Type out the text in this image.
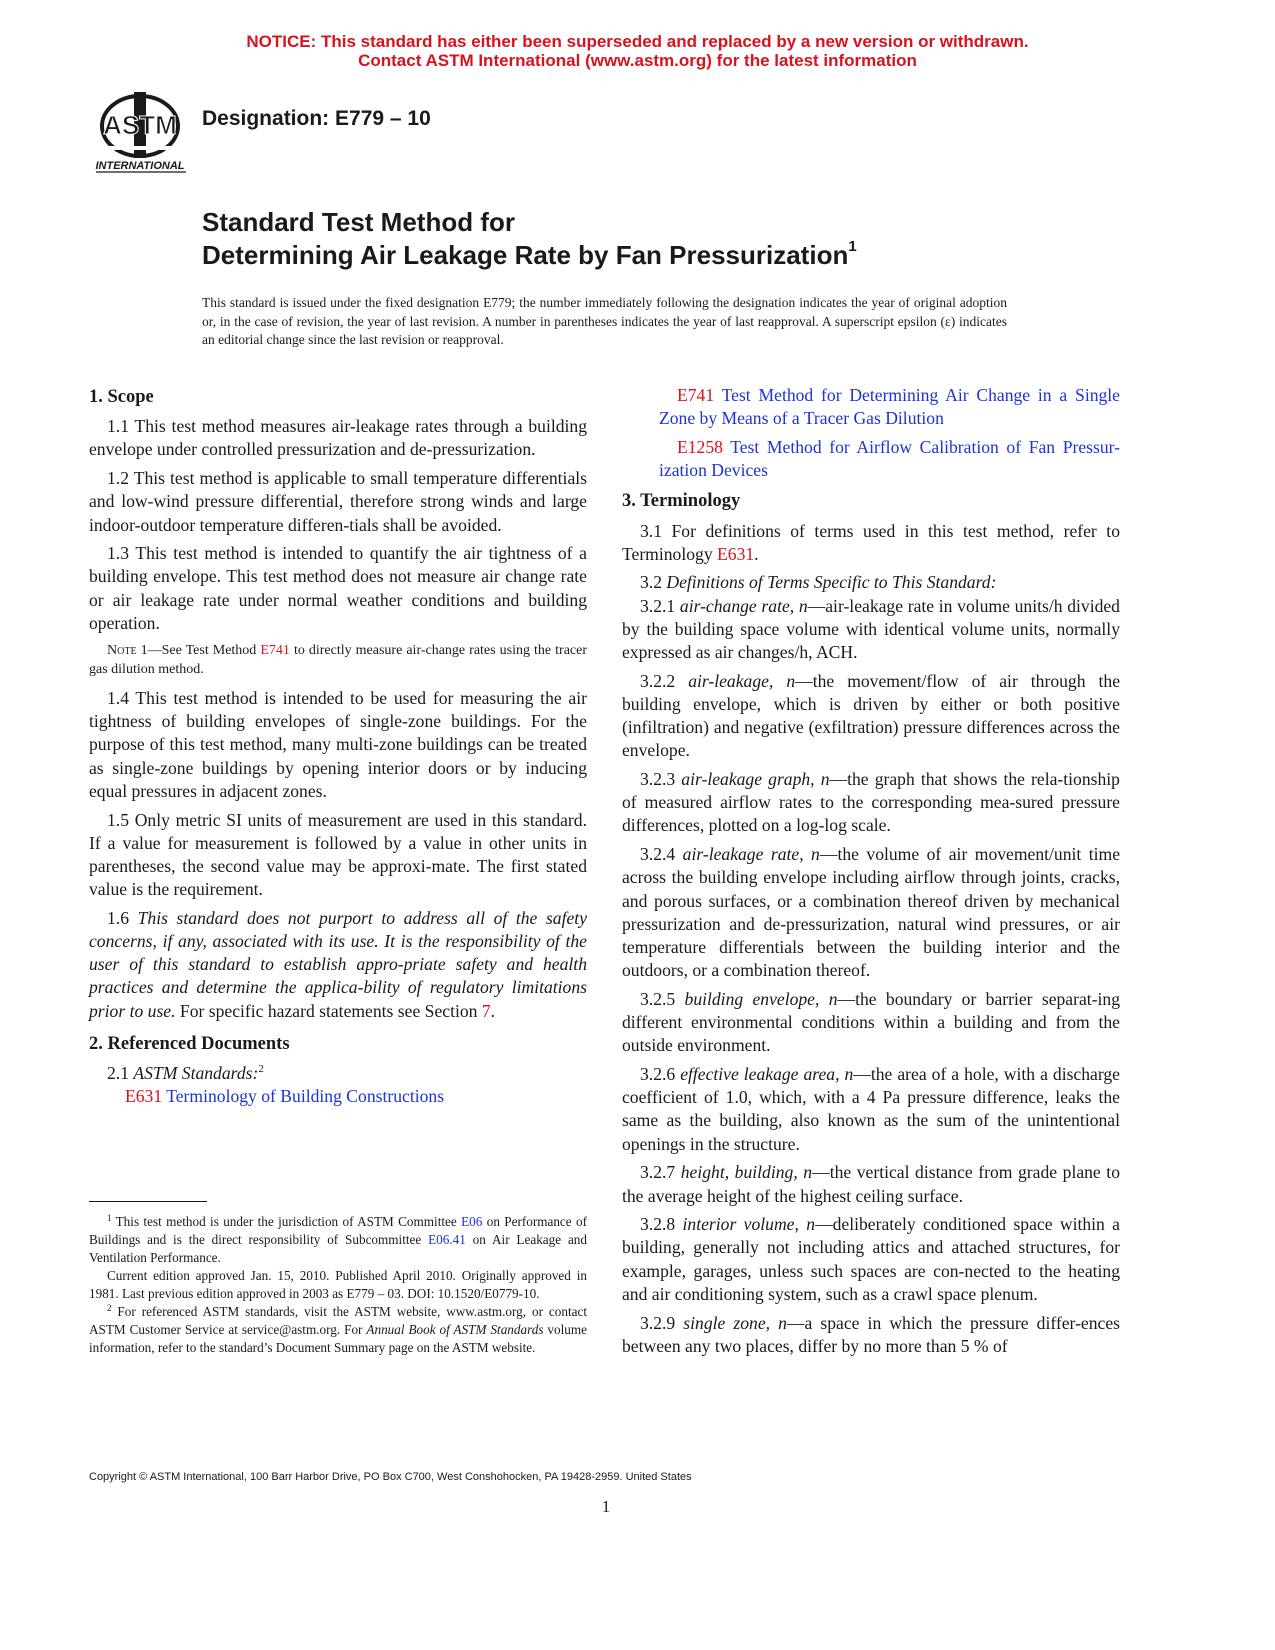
NOTICE: This standard has either been superseded and replaced by a new version or withdrawn.
Contact ASTM International (www.astm.org) for the latest information
ASTM
INTERNATIONAL
Designation: E779 – 10
Standard Test Method for
Determining Air Leakage Rate by Fan Pressurization$^1$
This standard is issued under the fixed designation E779; the number immediately following the designation indicates the year of original adoption or, in the case of revision, the year of last revision. A number in parentheses indicates the year of last reapproval. A superscript epsilon (ε) indicates an editorial change since the last revision or reapproval.
1. Scope

1.1 This test method measures air-leakage rates through a building envelope under controlled pressurization and de-pressurization.

1.2 This test method is applicable to small temperature differentials and low-wind pressure differential, therefore strong winds and large indoor-outdoor temperature differen-tials shall be avoided.

1.3 This test method is intended to quantify the air tightness of a building envelope. This test method does not measure air change rate or air leakage rate under normal weather conditions and building operation.

Note 1—See Test Method E741 to directly measure air-change rates using the tracer gas dilution method.

1.4 This test method is intended to be used for measuring the air tightness of building envelopes of single-zone buildings. For the purpose of this test method, many multi-zone buildings can be treated as single-zone buildings by opening interior doors or by inducing equal pressures in adjacent zones.

1.5 Only metric SI units of measurement are used in this standard. If a value for measurement is followed by a value in other units in parentheses, the second value may be approxi-mate. The first stated value is the requirement.

1.6 This standard does not purport to address all of the safety concerns, if any, associated with its use. It is the responsibility of the user of this standard to establish appro-priate safety and health practices and determine the applica-bility of regulatory limitations prior to use. For specific hazard statements see Section 7.

2. Referenced Documents

2.1 ASTM Standards:$^2$

E631 Terminology of Building Constructions

$^1$ This test method is under the jurisdiction of ASTM Committee E06 on Performance of Buildings and is the direct responsibility of Subcommittee E06.41 on Air Leakage and Ventilation Performance.

Current edition approved Jan. 15, 2010. Published April 2010. Originally approved in 1981. Last previous edition approved in 2003 as E779 – 03. DOI: 10.1520/E0779-10.

$^2$ For referenced ASTM standards, visit the ASTM website, www.astm.org, or contact ASTM Customer Service at service@astm.org. For Annual Book of ASTM Standards volume information, refer to the standard’s Document Summary page on the ASTM website.

E741 Test Method for Determining Air Change in a Single Zone by Means of a Tracer Gas Dilution

E1258 Test Method for Airflow Calibration of Fan Pressur-ization Devices

3. Terminology

3.1 For definitions of terms used in this test method, refer to Terminology E631.

3.2 Definitions of Terms Specific to This Standard:

3.2.1 air-change rate, n—air-leakage rate in volume units/h divided by the building space volume with identical volume units, normally expressed as air changes/h, ACH.

3.2.2 air-leakage, n—the movement/flow of air through the building envelope, which is driven by either or both positive (infiltration) and negative (exfiltration) pressure differences across the envelope.

3.2.3 air-leakage graph, n—the graph that shows the rela-tionship of measured airflow rates to the corresponding mea-sured pressure differences, plotted on a log-log scale.

3.2.4 air-leakage rate, n—the volume of air movement/unit time across the building envelope including airflow through joints, cracks, and porous surfaces, or a combination thereof driven by mechanical pressurization and de-pressurization, natural wind pressures, or air temperature differentials between the building interior and the outdoors, or a combination thereof.

3.2.5 building envelope, n—the boundary or barrier separat-ing different environmental conditions within a building and from the outside environment.

3.2.6 effective leakage area, n—the area of a hole, with a discharge coefficient of 1.0, which, with a 4 Pa pressure difference, leaks the same as the building, also known as the sum of the unintentional openings in the structure.

3.2.7 height, building, n—the vertical distance from grade plane to the average height of the highest ceiling surface.

3.2.8 interior volume, n—deliberately conditioned space within a building, generally not including attics and attached structures, for example, garages, unless such spaces are con-nected to the heating and air conditioning system, such as a crawl space plenum.

3.2.9 single zone, n—a space in which the pressure differ-ences between any two places, differ by no more than 5 % of

Copyright © ASTM International, 100 Barr Harbor Drive, PO Box C700, West Conshohocken, PA 19428-2959. United States
1
